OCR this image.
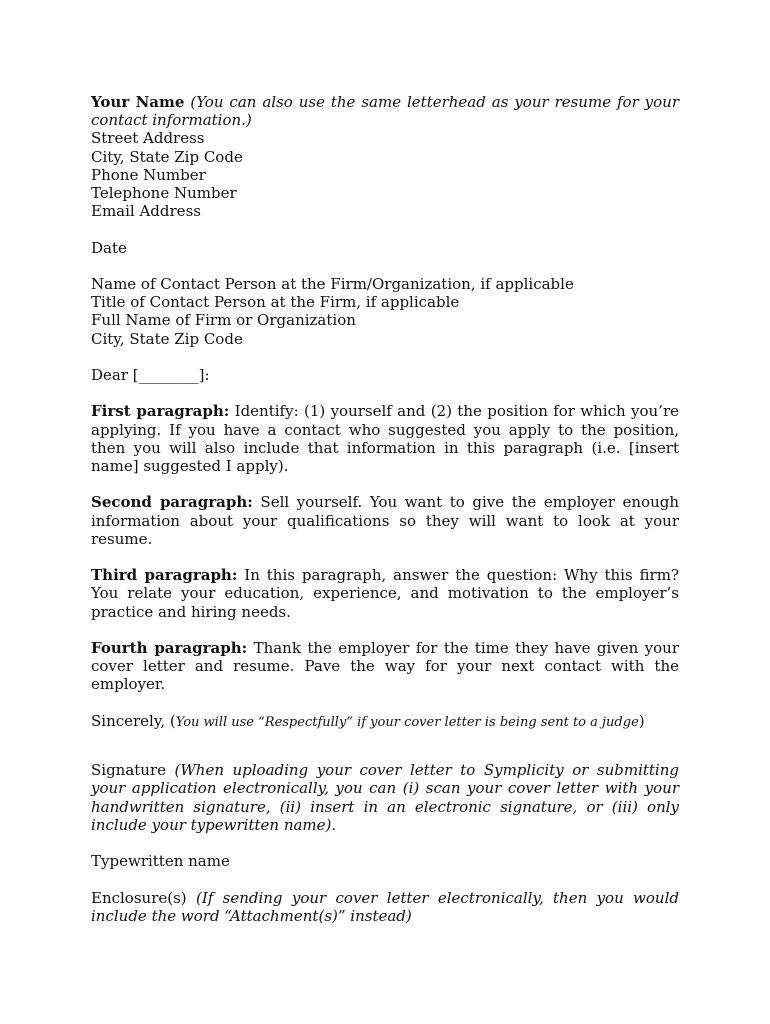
Your Name (You can also use the same letterhead as your resume for your contact information.)
Street Address
City, State Zip Code
Phone Number
Telephone Number
Email Address
Date
Name of Contact Person at the Firm/Organization, if applicable
Title of Contact Person at the Firm, if applicable
Full Name of Firm or Organization
City, State Zip Code
Dear [________]:
First paragraph: Identify: (1) yourself and (2) the position for which you’re applying. If you have a contact who suggested you apply to the position, then you will also include that information in this paragraph (i.e. [insert name] suggested I apply).
Second paragraph: Sell yourself. You want to give the employer enough information about your qualifications so they will want to look at your resume.
Third paragraph: In this paragraph, answer the question: Why this firm? You relate your education, experience, and motivation to the employer’s practice and hiring needs.
Fourth paragraph: Thank the employer for the time they have given your cover letter and resume. Pave the way for your next contact with the employer.
Sincerely, (You will use “Respectfully” if your cover letter is being sent to a judge)
Signature (When uploading your cover letter to Symplicity or submitting your application electronically, you can (i) scan your cover letter with your handwritten signature, (ii) insert in an electronic signature, or (iii) only include your typewritten name).
Typewritten name
Enclosure(s) (If sending your cover letter electronically, then you would include the word “Attachment(s)” instead)
